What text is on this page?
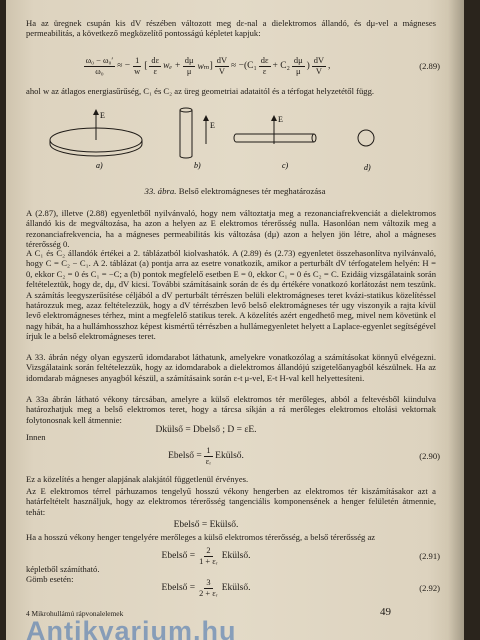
Ha az üregnek csupán kis dV részében változott meg dε-nal a dielektromos állandó, és dμ-vel a mágneses permeabilitás, a következő megközelítő pontosságú képletet kapjuk:

$\frac{\text{ω₀ − ω₀′}}{\text{ω₀}}$ ≈ − $\frac{1}{w}$ [ $\frac{d\varepsilon}{\varepsilon}$ $w_e + \frac{d\mu}{\mu}$ wₘ ] $\frac{dV}{V}$ ≈ − ($C_1 \frac{d\varepsilon}{\varepsilon} + C_2 \frac{d\mu}{\mu}$ ) $\frac{dV}{V}$ ,	(2.89)

ahol w az átlagos energiasűrűség, C₁ és C₂ az üreg geometriai adataitól és a térfogat helyzetétől függ.

E
a)
E
b)
E
c)	d)
33. ábra. Belső elektromágneses tér meghatározása

A (2.87), illetve (2.88) egyenletből nyilvánvaló, hogy nem változtatja meg a rezonanciafrekvenciát a dielektromos állandó kis dε megváltozása, ha azon a helyen az E elektromos térerősség nulla. Hasonlóan nem változik meg a rezonanciafrekvencia, ha a mágneses permeabilitás kis változása (dμ) azon a helyen jön létre, ahol a mágneses térerősség 0.

A C₁ és C₂ állandók értékei a 2. táblázatból kiolvashatók. A (2.89) és (2.73) egyenletet összehasonlítva nyilvánvaló, hogy C = C₂ − C₁. A 2. táblázat (a) pontja arra az esetre vonatkozik, amikor a perturbált dV térfogatelem helyén: H = 0, ekkor C₂ = 0 és C₁ = −C; a (b) pontok megfelelő esetben E = 0, ekkor C₁ = 0 és C₂ = C. Ezidáig vizsgálataink során feltételeztük, hogy dε, dμ, dV kicsi. További számításaink során dε és dμ értékére vonatkozó korlátozást nem teszünk. A számítás leegyszerűsítése céljából a dV perturbált térrészen belüli elektromágneses teret kvázi-statikus közelítéssel határozzuk meg, azaz feltételezzük, hogy a dV térrészben levő belső elektromágneses tér ugy viszonyik a rajta kívül levő elektromágneses térhez, mint a megfelelő statikus terek. A közelítés azért engedhető meg, mivel nem követünk el nagy hibát, ha a hullámhosszhoz képest kismértű térrészben a hullámegyenletet helyett a Laplace-egyenlet segítségével írjuk le a belső elektromágneses teret.

A 33. ábrán négy olyan egyszerű idomdarabot láthatunk, amelyekre vonatkozólag a számításokat könnyű elvégezni. Vizsgálataink során feltételezzük, hogy az idomdarabok a dielektromos állandójú szigetelőanyagból készülnek. Ha az idomdarab mágneses anyagból készül, a számításaink során ε-t μ-vel, E-t H-val kell helyettesíteni.

A 33a ábrán látható vékony tárcsában, amelyre a külső elektromos tér merőleges, abból a feltevésből kiindulva határozhatjuk meg a belső elektromos teret, hogy a tárcsa síkján a rá merőleges elektromos eltolási vektornak folytonosnak kell átmennie:

Dkülső = Dbelső ; D = εE.

Innen

Ebelső = $\frac{1}{\text{εᵣ}}$ Ekülső.	(2.90)

Ez a közelítés a henger alapjának alakjától függetlenül érvényes.

Az E elektromos térrel párhuzamos tengelyű hosszú vékony hengerben az elektromos tér kiszámításakor azt a határfeltételt használjuk, hogy az elektromos térerősség tangenciális komponensének a henger felületén átmennie, tehát:

Ebelső = Ekülső.

Ha a hosszú vékony henger tengelyére merőleges a külső elektromos térerősség, a belső térerősség az

Ebelső = $\frac{2}{\text{1 + εᵣ}}$ Ekülső.	(2.91)

képletből számítható.

Gömb esetén:

Ebelső = $\frac{3}{\text{2 + εᵣ}}$ Ekülső.	(2.92)
4 Mikrohullámú rápvonalelemek	49
Antikvarium.hu
